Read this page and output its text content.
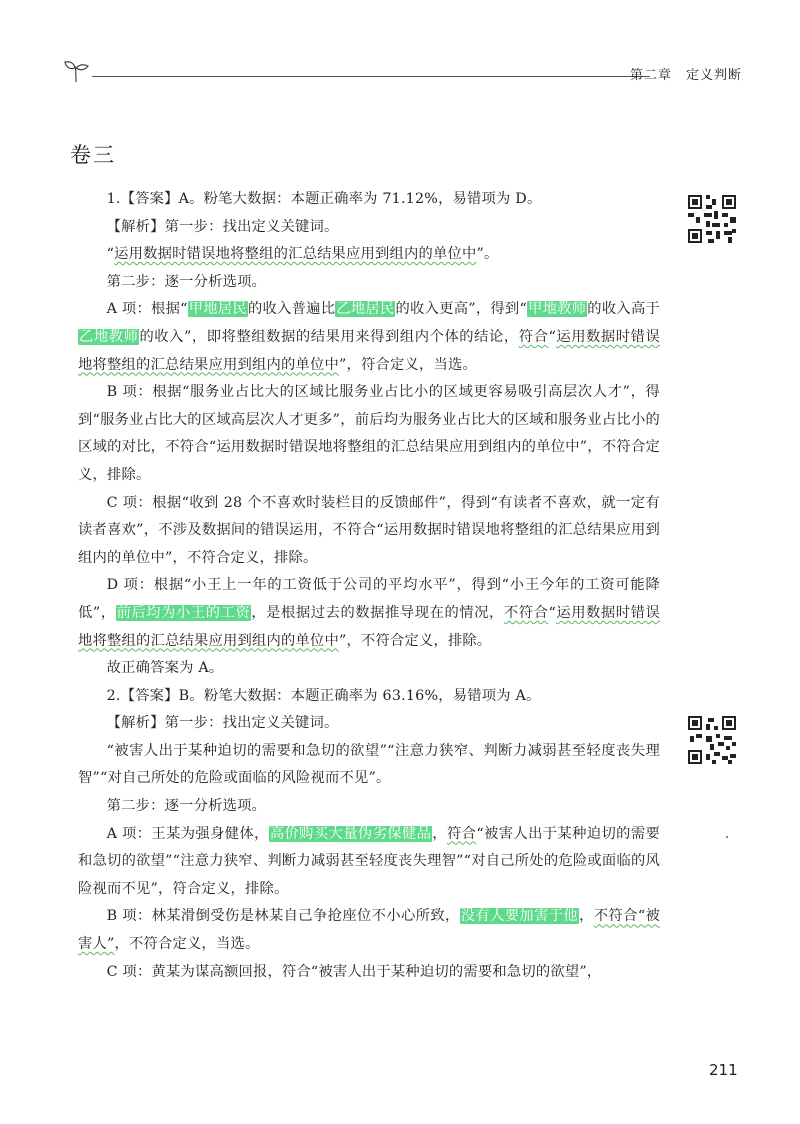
第二章 定义判断
卷三

1.【答案】A。粉笔大数据：本题正确率为 71.12%，易错项为 D。

【解析】第一步：找出定义关键词。

“运用数据时错误地将整组的汇总结果应用到组内的单位中”。

第二步：逐一分析选项。

A 项：根据“甲地居民的收入普遍比乙地居民的收入更高”，得到“甲地教师的收入高于乙地教师的收入”，即将整组数据的结果用来得到组内个体的结论，符合“运用数据时错误地将整组的汇总结果应用到组内的单位中”，符合定义，当选。

B 项：根据“服务业占比大的区域比服务业占比小的区域更容易吸引高层次人才”，得到“服务业占比大的区域高层次人才更多”，前后均为服务业占比大的区域和服务业占比小的区域的对比，不符合“运用数据时错误地将整组的汇总结果应用到组内的单位中”，不符合定义，排除。

C 项：根据“收到 28 个不喜欢时装栏目的反馈邮件”，得到“有读者不喜欢，就一定有读者喜欢”，不涉及数据间的错误运用，不符合“运用数据时错误地将整组的汇总结果应用到组内的单位中”，不符合定义，排除。

D 项：根据“小王上一年的工资低于公司的平均水平”，得到“小王今年的工资可能降低”，前后均为小王的工资，是根据过去的数据推导现在的情况，不符合“运用数据时错误地将整组的汇总结果应用到组内的单位中”，不符合定义，排除。

故正确答案为 A。

2.【答案】B。粉笔大数据：本题正确率为 63.16%，易错项为 A。

【解析】第一步：找出定义关键词。

“被害人出于某种迫切的需要和急切的欲望”“注意力狭窄、判断力减弱甚至轻度丧失理智”“对自己所处的危险或面临的风险视而不见”。

第二步：逐一分析选项。

A 项：王某为强身健体，高价购买大量伪劣保健品，符合“被害人出于某种迫切的需要和急切的欲望”“注意力狭窄、判断力减弱甚至轻度丧失理智”“对自己所处的危险或面临的风险视而不见”，符合定义，排除。

B 项：林某滑倒受伤是林某自己争抢座位不小心所致，没有人要加害于他，不符合“被害人”，不符合定义，当选。

C 项：黄某为谋高额回报，符合“被害人出于某种迫切的需要和急切的欲望”，

211
